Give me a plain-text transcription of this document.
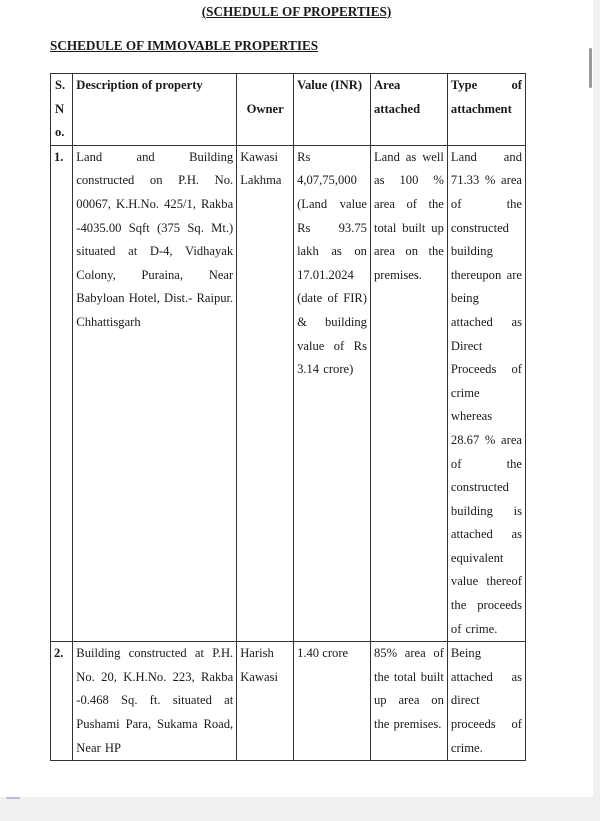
(SCHEDULE OF PROPERTIES)
SCHEDULE OF IMMOVABLE PROPERTIES
S. N o.	Description of property	Owner	Value (INR)	Area attached	Type of attachment
1.	Land and Building constructed on P.H. No. 00067, K.H.No. 425/1, Rakba -4035.00 Sqft (375 Sq. Mt.) situated at D-4, Vidhayak Colony, Puraina, Near Babyloan Hotel, Dist.- Raipur. Chhattisgarh	Kawasi Lakhma	Rs 4,07,75,000 (Land value Rs 93.75 lakh as on 17.01.2024 (date of FIR) & building value of Rs 3.14 crore)	Land as well as 100 % area of the total built up area on the premises.	Land and 71.33 % area of the constructed building thereupon are being attached as Direct Proceeds of crime whereas 28.67 % area of the constructed building is attached as equivalent value thereof the proceeds of crime.
2.	Building constructed at P.H. No. 20, K.H.No. 223, Rakba -0.468 Sq. ft. situated at Pushami Para, Sukama Road, Near HP	Harish Kawasi	1.40 crore	85% area of the total built up area on the premises.	Being attached as direct proceeds of crime.
